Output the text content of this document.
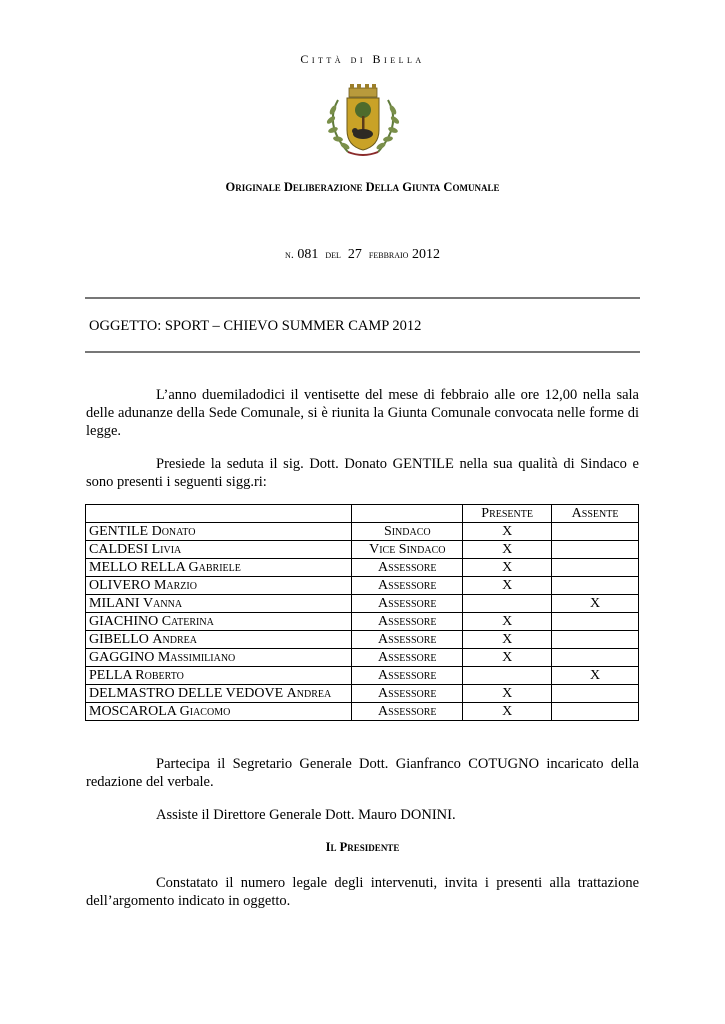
Città di Biella
Originale Deliberazione Della Giunta Comunale
n. 081 del 27 febbraio 2012
OGGETTO: SPORT – CHIEVO SUMMER CAMP 2012

L’anno duemiladodici il ventisette del mese di febbraio alle ore 12,00 nella sala delle adunanze della Sede Comunale, si è riunita la Giunta Comunale convocata nelle forme di legge.

Presiede la seduta il sig. Dott. Donato GENTILE nella sua qualità di Sindaco e sono presenti i seguenti sigg.ri:

		Presente	Assente
GENTILE Donato	Sindaco	X	
CALDESI Livia	Vice Sindaco	X	
MELLO RELLA Gabriele	Assessore	X	
OLIVERO Marzio	Assessore	X	
MILANI Vanna	Assessore		X
GIACHINO Caterina	Assessore	X	
GIBELLO Andrea	Assessore	X	
GAGGINO Massimiliano	Assessore	X	
PELLA Roberto	Assessore		X
DELMASTRO DELLE VEDOVE Andrea	Assessore	X	
MOSCAROLA Giacomo	Assessore	X	

Partecipa il Segretario Generale Dott. Gianfranco COTUGNO incaricato della redazione del verbale.

Assiste il Direttore Generale Dott. Mauro DONINI.

Il Presidente

Constatato il numero legale degli intervenuti, invita i presenti alla trattazione dell’argomento indicato in oggetto.
